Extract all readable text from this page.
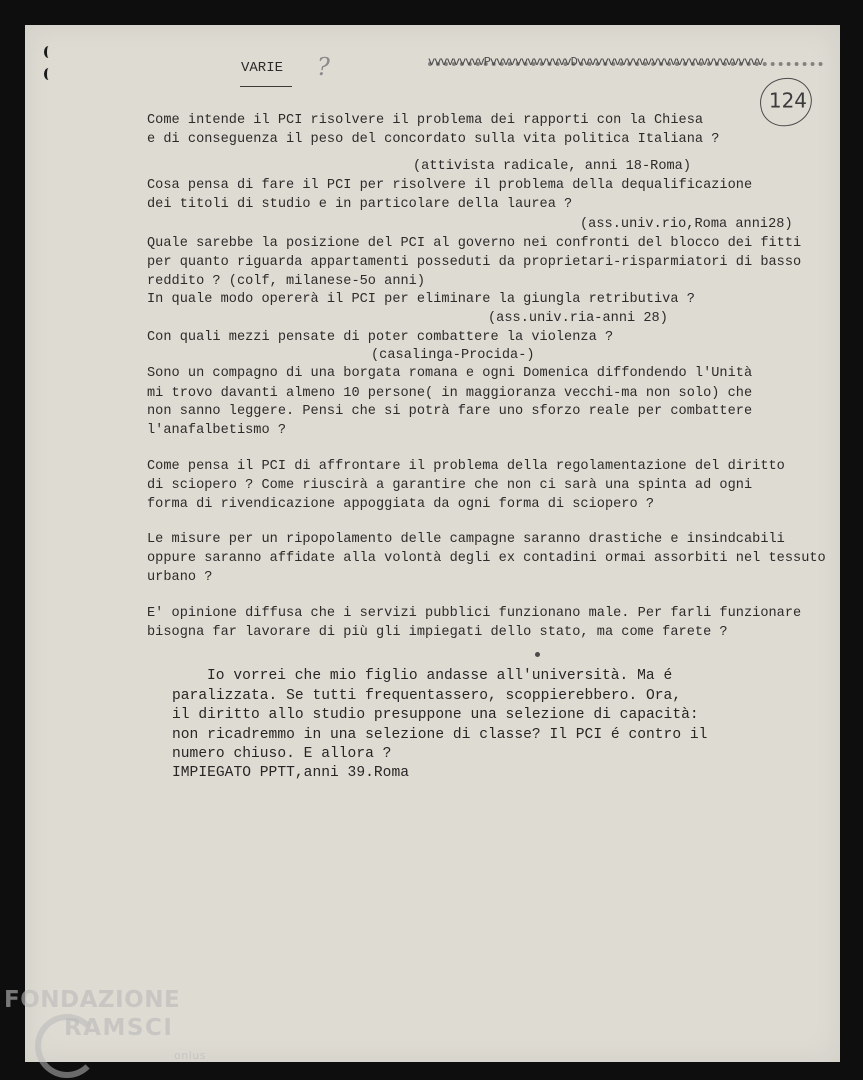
VARIE ?	vvvvvvvvvPvvvvvvvvvvvvvDvvvvvvvvvvvvvvvvvvvvvvvvvvvvvv
124
Come intende il PCI risolvere il problema dei rapporti con la Chiesa
e di conseguenza il peso del concordato sulla vita politica Italiana ?
(attivista radicale, anni 18-Roma)
Cosa pensa di fare il PCI per risolvere il problema della dequalificazione
dei titoli di studio e in particolare della laurea ?
(ass.univ.rio,Roma anni28)
Quale sarebbe la posizione del PCI al governo nei confronti del blocco dei fitti
per quanto riguarda appartamenti posseduti da proprietari-risparmiatori di basso
reddito ? (colf, milanese-5o anni)
In quale modo opererà il PCI per eliminare la giungla retributiva ?
(ass.univ.ria-anni 28)
Con quali mezzi pensate di poter combattere la violenza ?
(casalinga-Procida-)
Sono un compagno di una borgata romana e ogni Domenica diffondendo l'Unità
mi trovo davanti almeno 10 persone( in maggioranza vecchi-ma non solo) che
non sanno leggere. Pensi che si potrà fare uno sforzo reale per combattere
l'anafalbetismo ?
Come pensa il PCI di affrontare il problema della regolamentazione del diritto
di sciopero ? Come riuscirà a garantire che non ci sarà una spinta ad ogni
forma di rivendicazione appoggiata da ogni forma di sciopero ?
Le misure per un ripopolamento delle campagne saranno drastiche e insindcabili
oppure saranno affidate alla volontà degli ex contadini ormai assorbiti nel tessuto
urbano ?
E' opinione diffusa che i servizi pubblici funzionano male. Per farli funzionare
bisogna far lavorare di più gli impiegati dello stato, ma come farete ?
Io vorrei che mio figlio andasse all'università. Ma é
paralizzata. Se tutti frequentassero, scoppierebbero. Ora,
il diritto allo studio presuppone una selezione di capacità:
non ricadremmo in una selezione di classe? Il PCI é contro il
numero chiuso. E allora ?
IMPIEGATO PPTT,anni 39.Roma
FONDAZIONE
RAMSCI
onlus
